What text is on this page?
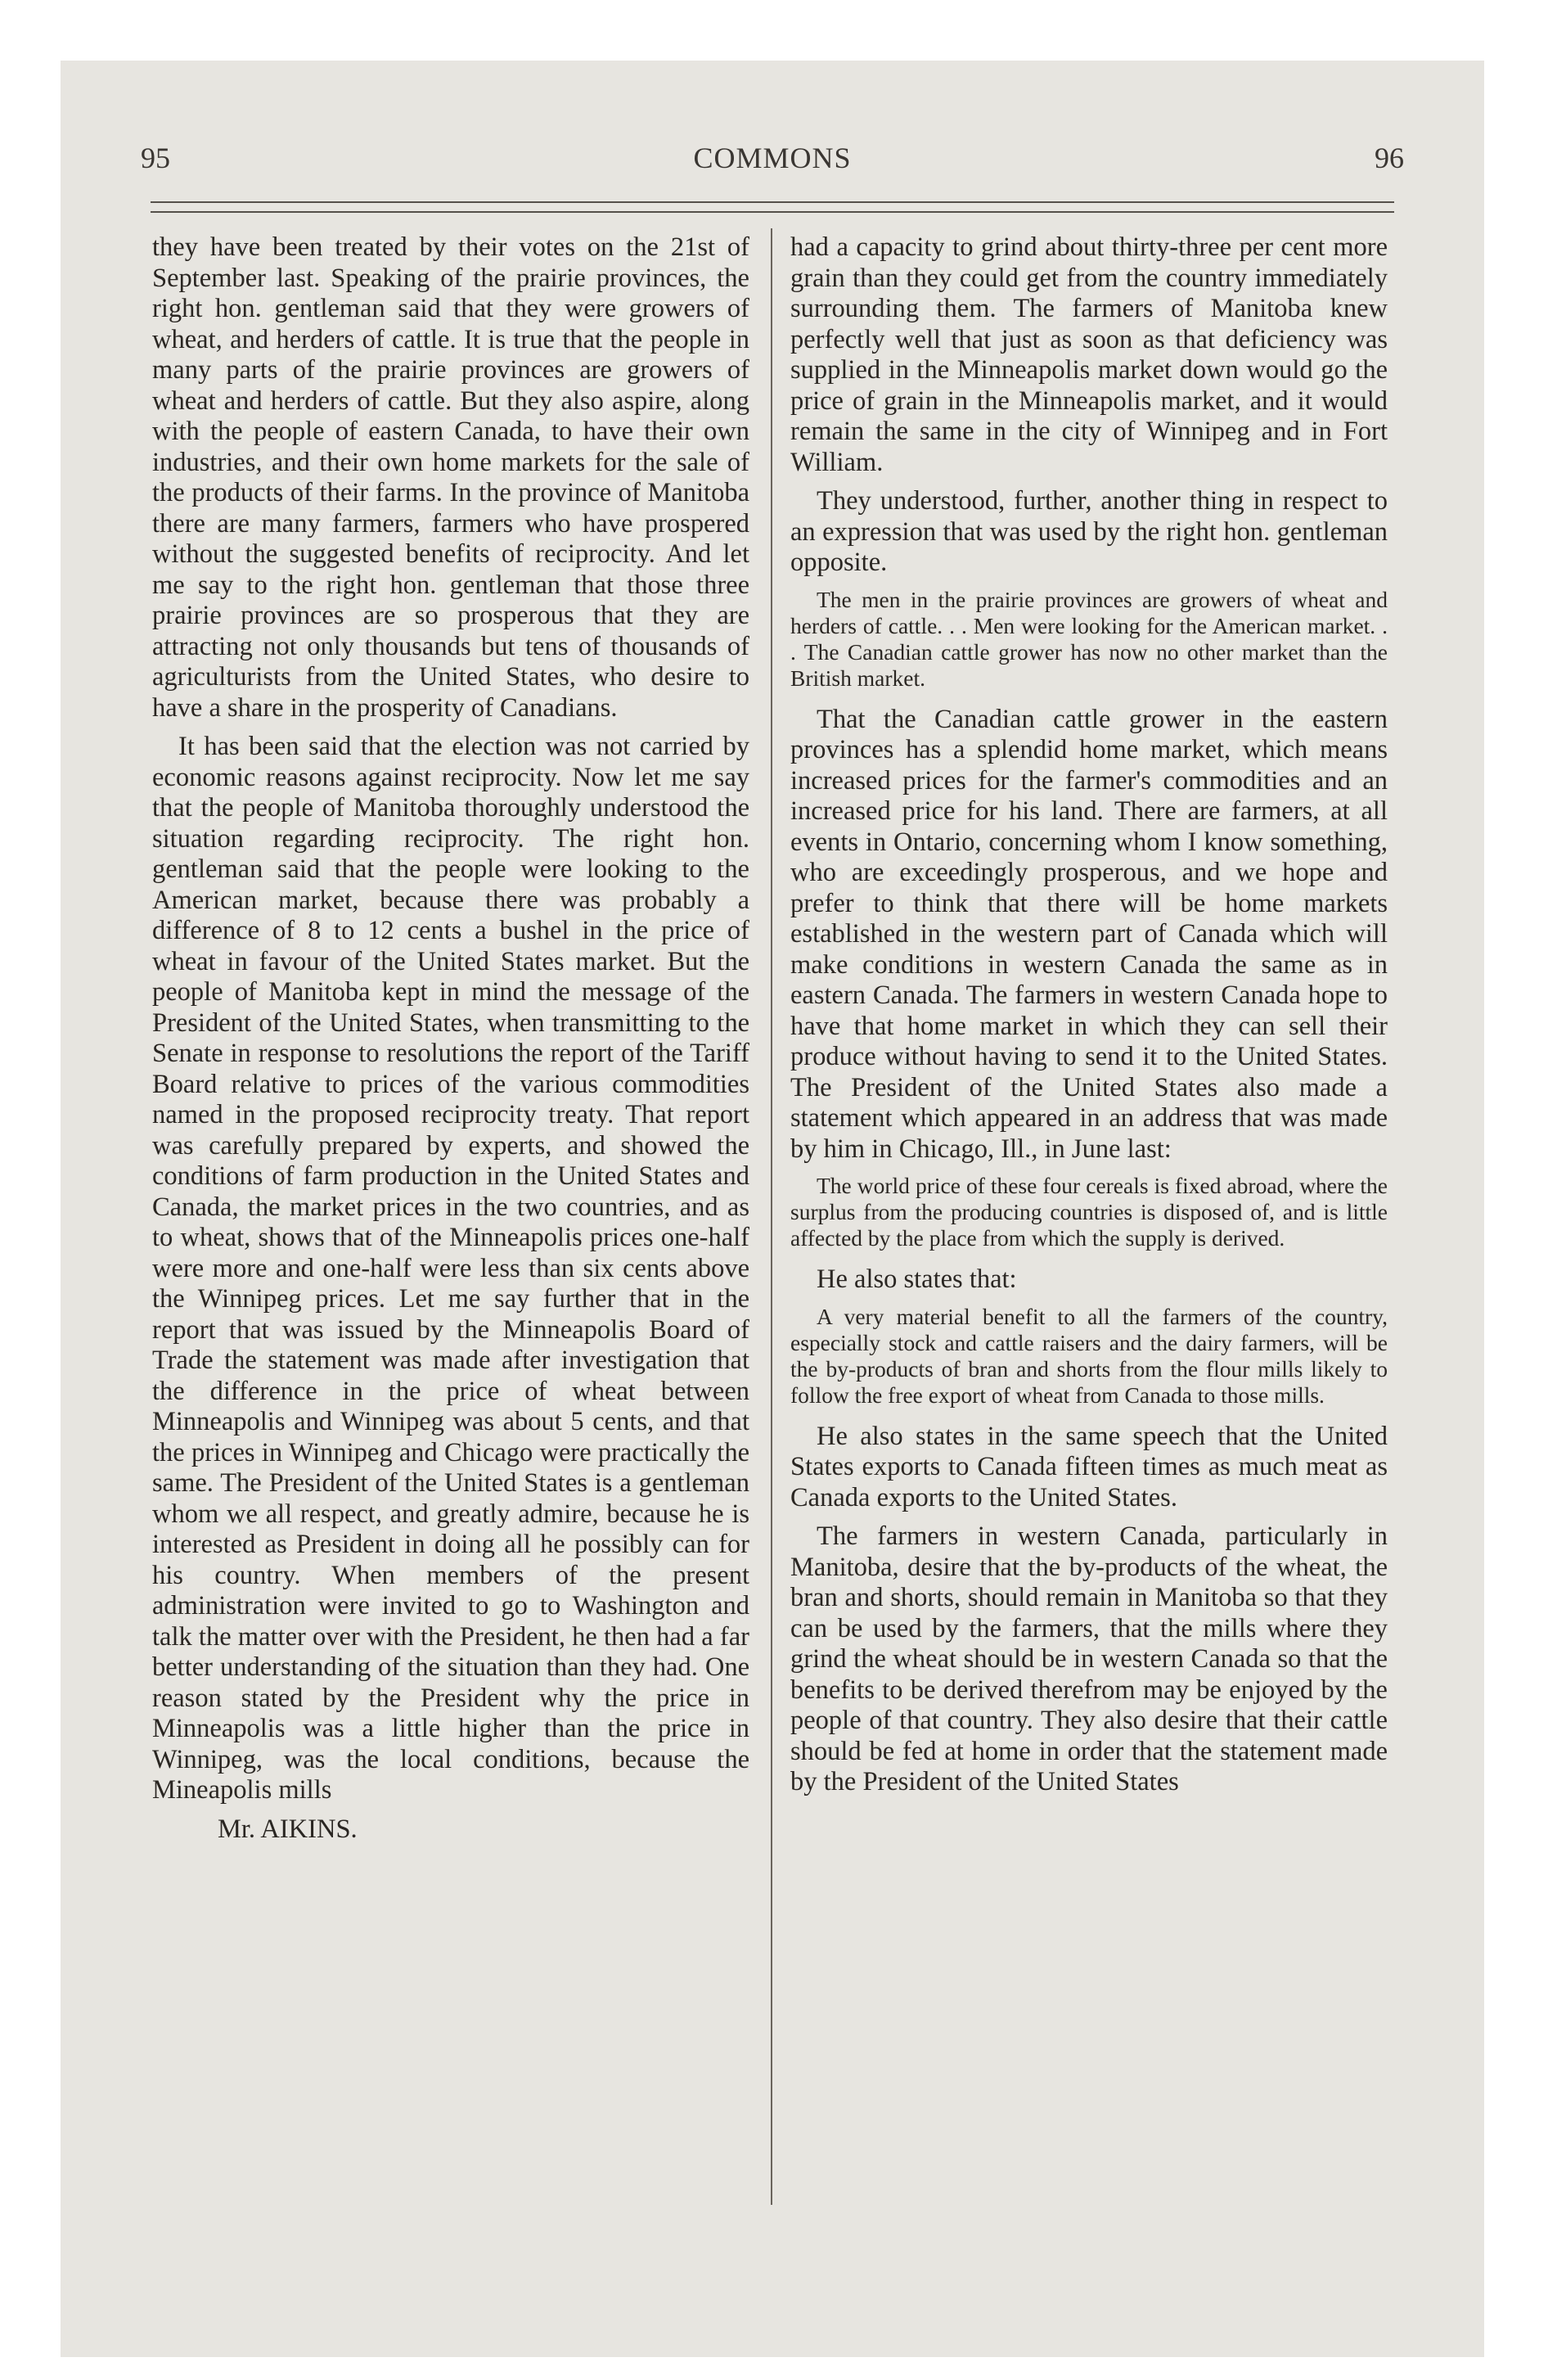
95	COMMONS	96

they have been treated by their votes on the 21st of September last. Speaking of the prairie provinces, the right hon. gentleman said that they were growers of wheat, and herders of cattle. It is true that the people in many parts of the prairie provinces are growers of wheat and herders of cattle. But they also aspire, along with the people of eastern Canada, to have their own industries, and their own home markets for the sale of the products of their farms. In the province of Manitoba there are many farmers, farmers who have prospered without the suggested benefits of reciprocity. And let me say to the right hon. gentleman that those three prairie provinces are so prosperous that they are attracting not only thousands but tens of thousands of agriculturists from the United States, who desire to have a share in the prosperity of Canadians.

It has been said that the election was not carried by economic reasons against reciprocity. Now let me say that the people of Manitoba thoroughly understood the situation regarding reciprocity. The right hon. gentleman said that the people were looking to the American market, because there was probably a difference of 8 to 12 cents a bushel in the price of wheat in favour of the United States market. But the people of Manitoba kept in mind the message of the President of the United States, when transmitting to the Senate in response to resolutions the report of the Tariff Board relative to prices of the various commodities named in the proposed reciprocity treaty. That report was carefully prepared by experts, and showed the conditions of farm production in the United States and Canada, the market prices in the two countries, and as to wheat, shows that of the Minneapolis prices one-half were more and one-half were less than six cents above the Winnipeg prices. Let me say further that in the report that was issued by the Minneapolis Board of Trade the statement was made after investigation that the difference in the price of wheat between Minneapolis and Winnipeg was about 5 cents, and that the prices in Winnipeg and Chicago were practically the same. The President of the United States is a gentleman whom we all respect, and greatly admire, because he is interested as President in doing all he possibly can for his country. When members of the present administration were invited to go to Washington and talk the matter over with the President, he then had a far better understanding of the situation than they had. One reason stated by the President why the price in Minneapolis was a little higher than the price in Winnipeg, was the local conditions, because the Mineapolis mills

Mr. AIKINS.

had a capacity to grind about thirty-three per cent more grain than they could get from the country immediately surrounding them. The farmers of Manitoba knew perfectly well that just as soon as that deficiency was supplied in the Minneapolis market down would go the price of grain in the Minneapolis market, and it would remain the same in the city of Winnipeg and in Fort William.

They understood, further, another thing in respect to an expression that was used by the right hon. gentleman opposite.

The men in the prairie provinces are growers of wheat and herders of cattle. . . Men were looking for the American market. . . The Canadian cattle grower has now no other market than the British market.

That the Canadian cattle grower in the eastern provinces has a splendid home market, which means increased prices for the farmer's commodities and an increased price for his land. There are farmers, at all events in Ontario, concerning whom I know something, who are exceedingly prosperous, and we hope and prefer to think that there will be home markets established in the western part of Canada which will make conditions in western Canada the same as in eastern Canada. The farmers in western Canada hope to have that home market in which they can sell their produce without having to send it to the United States. The President of the United States also made a statement which appeared in an address that was made by him in Chicago, Ill., in June last:

The world price of these four cereals is fixed abroad, where the surplus from the producing countries is disposed of, and is little affected by the place from which the supply is derived.

He also states that:

A very material benefit to all the farmers of the country, especially stock and cattle raisers and the dairy farmers, will be the by-products of bran and shorts from the flour mills likely to follow the free export of wheat from Canada to those mills.

He also states in the same speech that the United States exports to Canada fifteen times as much meat as Canada exports to the United States.

The farmers in western Canada, particularly in Manitoba, desire that the by-products of the wheat, the bran and shorts, should remain in Manitoba so that they can be used by the farmers, that the mills where they grind the wheat should be in western Canada so that the benefits to be derived therefrom may be enjoyed by the people of that country. They also desire that their cattle should be fed at home in order that the statement made by the President of the United States
